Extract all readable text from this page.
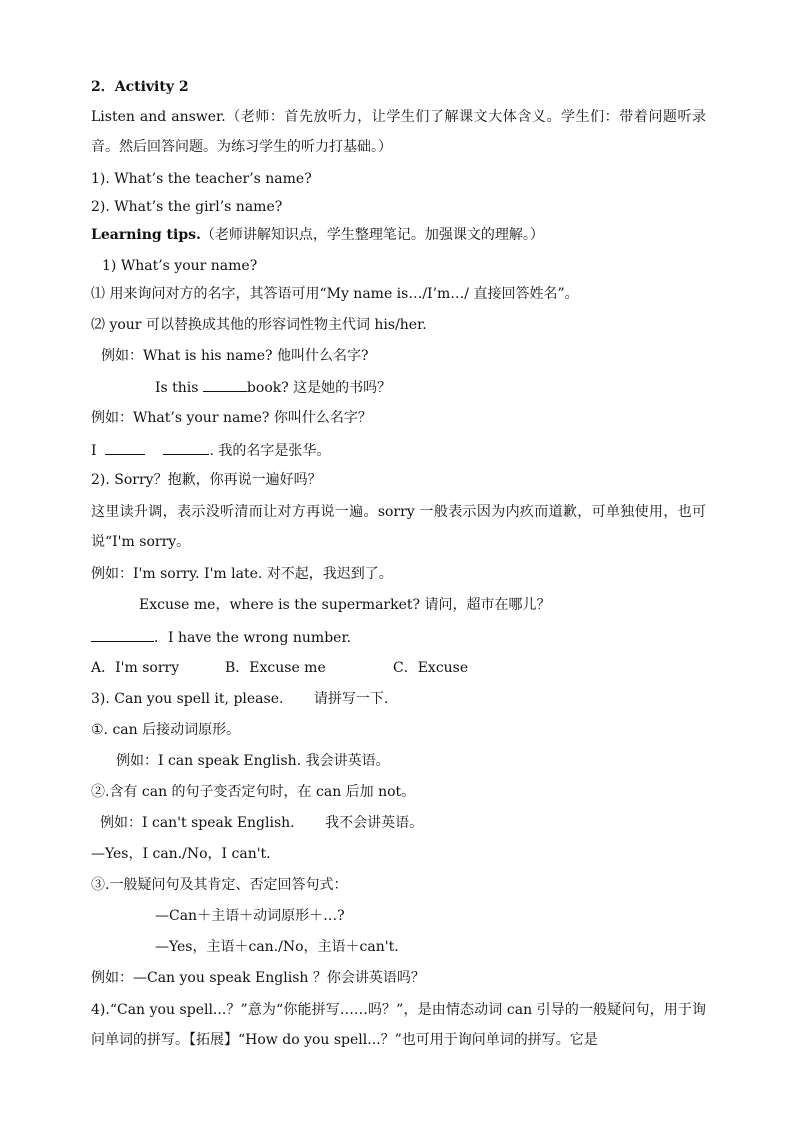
2．Activity 2
Listen and answer.（老师：首先放听力，让学生们了解课文大体含义。学生们：带着问题听录音。然后回答问题。为练习学生的听力打基础。）
1). What’s the teacher’s name?
2). What’s the girl’s name?
Learning tips.（老师讲解知识点，学生整理笔记。加强课文的理解。）
1) What’s your name?
⑴ 用来询问对方的名字，其答语可用“My name is…/I’m…/ 直接回答姓名”。
⑵ your 可以替换成其他的形容词性物主代词 his/her.
例如：What is his name? 他叫什么名字?
Is this	book? 这是她的书吗？
例如：What’s your name? 你叫什么名字？
I	. 我的名字是张华。
2). Sorry？抱歉，你再说一遍好吗？
这里读升调，表示没听清而让对方再说一遍。sorry 一般表示因为内疚而道歉，可单独使用，也可说“I'm sorry。
例如：I'm sorry. I'm late. 对不起，我迟到了。
Excuse me，where is the supermarket? 请问，超市在哪儿？
．I have the wrong number.
A．I'm sorry	B．Excuse me	C．Excuse
3). Can you spell it, please. 请拼写一下.
①. can 后接动词原形。
例如：I can speak English. 我会讲英语。
②.含有 can 的句子变否定句时，在 can 后加 not。
例如：I can't speak English. 我不会讲英语。
—Yes，I can./No，I can't.
③.一般疑问句及其肯定、否定回答句式：
—Can＋主语＋动词原形＋…?
—Yes，主语＋can./No，主语＋can't.
例如：—Can you speak English ？你会讲英语吗？
4).“Can you spell...？”意为“你能拼写……吗？”，是由情态动词 can 引导的一般疑问句，用于询问单词的拼写。【拓展】“How do you spell...？”也可用于询问单词的拼写。它是
